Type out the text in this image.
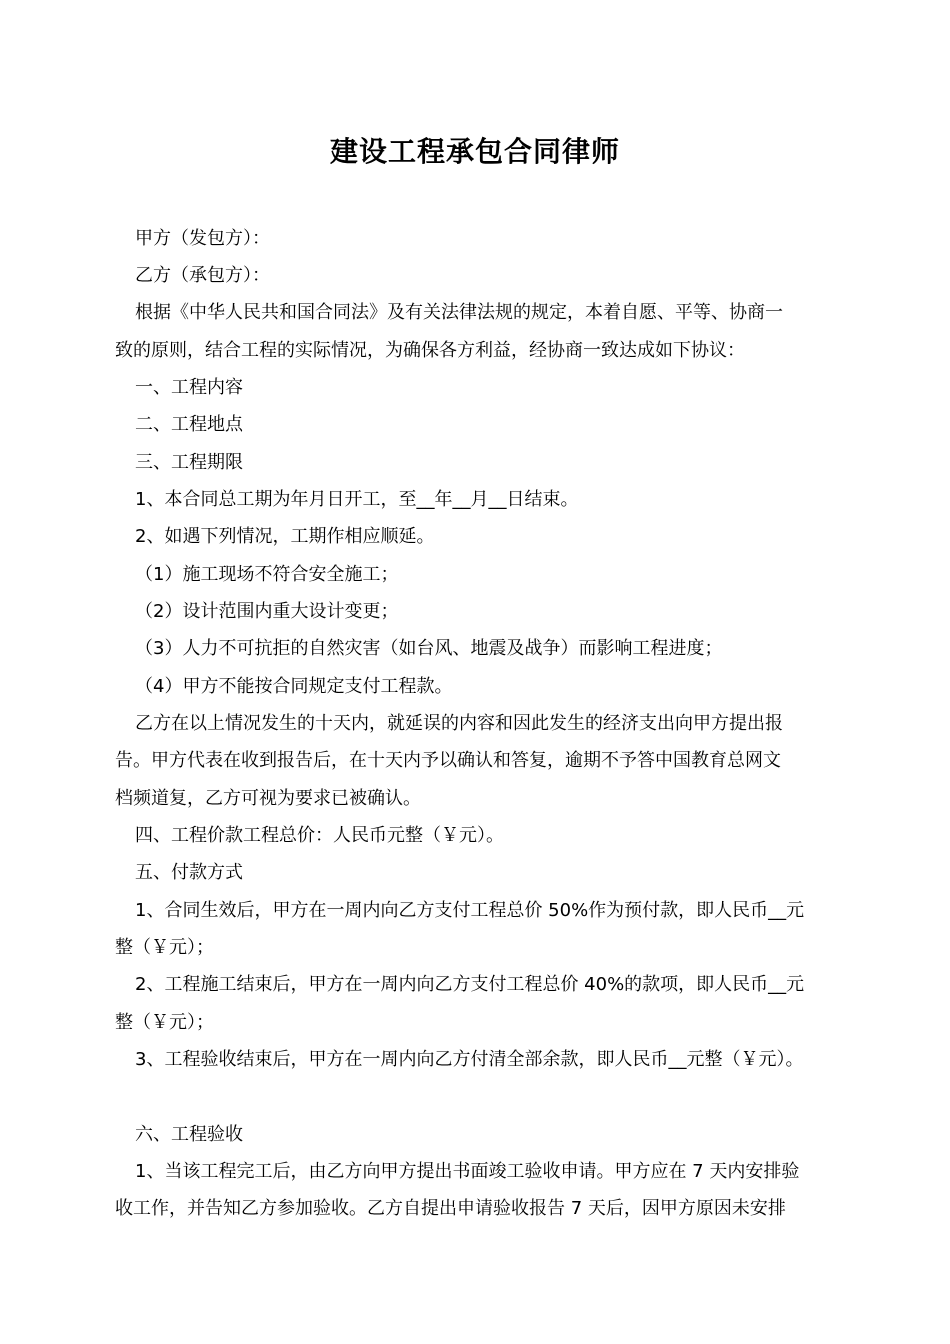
建设工程承包合同律师
甲方（发包方）：
乙方（承包方）：
根据《中华人民共和国合同法》及有关法律法规的规定，本着自愿、平等、协商一
致的原则，结合工程的实际情况，为确保各方利益，经协商一致达成如下协议：
一、工程内容
二、工程地点
三、工程期限
1、本合同总工期为年月日开工，至__年__月__日结束。
2、如遇下列情况，工期作相应顺延。
（1）施工现场不符合安全施工；
（2）设计范围内重大设计变更；
（3）人力不可抗拒的自然灾害（如台风、地震及战争）而影响工程进度；
（4）甲方不能按合同规定支付工程款。
乙方在以上情况发生的十天内，就延误的内容和因此发生的经济支出向甲方提出报
告。甲方代表在收到报告后，在十天内予以确认和答复，逾期不予答中国教育总网文
档频道复，乙方可视为要求已被确认。
四、工程价款工程总价：人民币元整（￥元）。
五、付款方式
1、合同生效后，甲方在一周内向乙方支付工程总价 50%作为预付款，即人民币__元
整（￥元）；
2、工程施工结束后，甲方在一周内向乙方支付工程总价 40%的款项，即人民币__元
整（￥元）；
3、工程验收结束后，甲方在一周内向乙方付清全部余款，即人民币__元整（￥元）。
六、工程验收
1、当该工程完工后，由乙方向甲方提出书面竣工验收申请。甲方应在 7 天内安排验
收工作，并告知乙方参加验收。乙方自提出申请验收报告 7 天后，因甲方原因未安排
